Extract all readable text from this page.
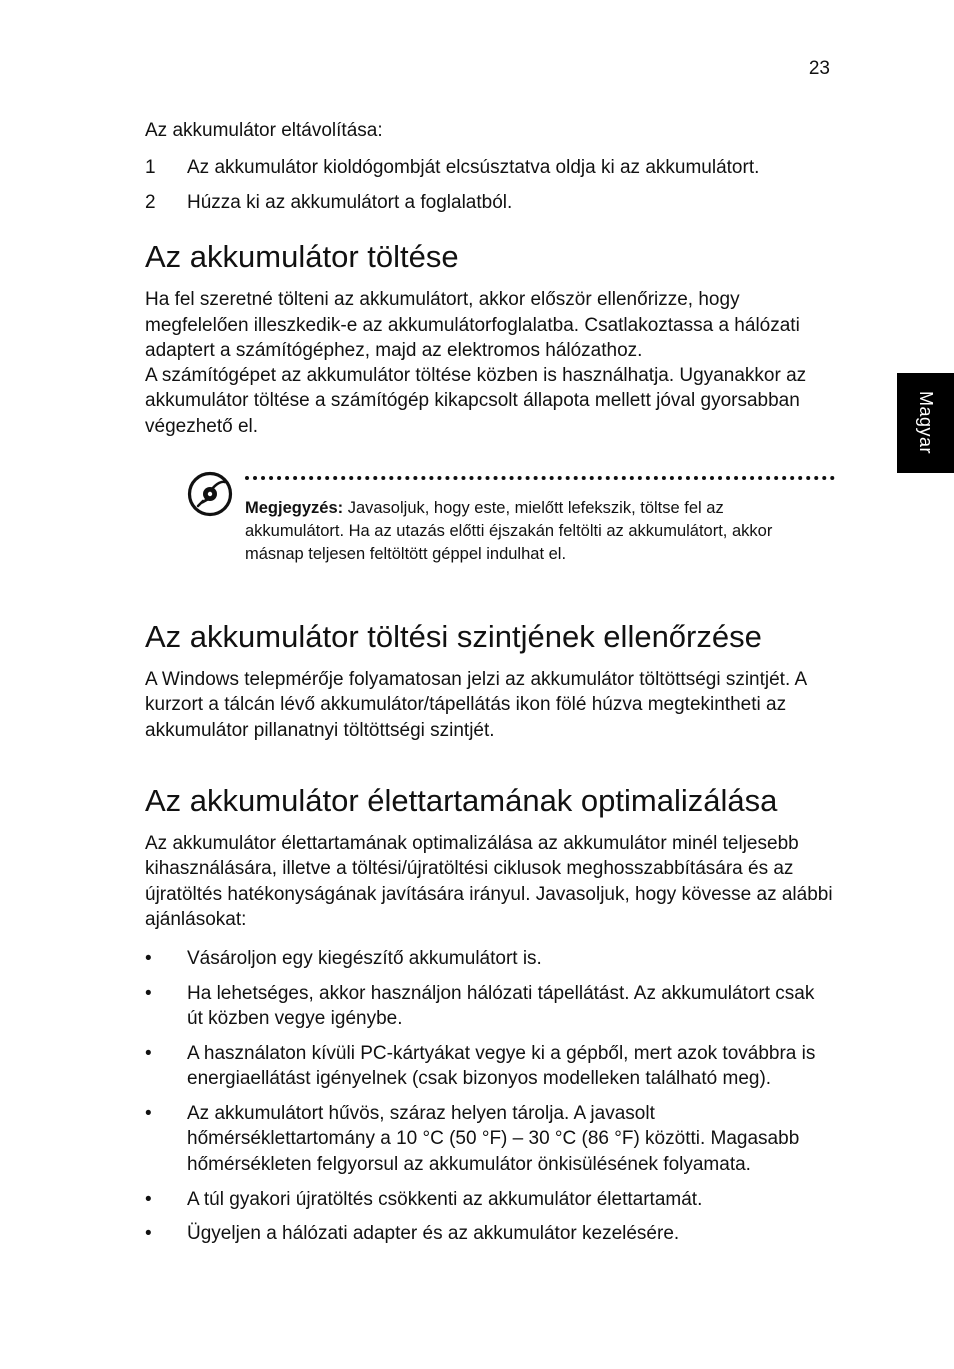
23
Magyar

Az akkumulátor eltávolítása:

1	Az akkumulátor kioldógombját elcsúsztatva oldja ki az akkumulátort.
2	Húzza ki az akkumulátort a foglalatból.
Az akkumulátor töltése

Ha fel szeretné tölteni az akkumulátort, akkor először ellenőrizze, hogy megfelelően illeszkedik-e az akkumulátorfoglalatba. Csatlakoztassa a hálózati adaptert a számítógéphez, majd az elektromos hálózathoz.

A számítógépet az akkumulátor töltése közben is használhatja. Ugyanakkor az akkumulátor töltése a számítógép kikapcsolt állapota mellett jóval gyorsabban végezhető el.

Megjegyzés: Javasoljuk, hogy este, mielőtt lefekszik, töltse fel az akkumulátort. Ha az utazás előtti éjszakán feltölti az akkumulátort, akkor másnap teljesen feltöltött géppel indulhat el.
Az akkumulátor töltési szintjének ellenőrzése

A Windows telepmérője folyamatosan jelzi az akkumulátor töltöttségi szintjét. A kurzort a tálcán lévő akkumulátor/tápellátás ikon fölé húzva megtekintheti az akkumulátor pillanatnyi töltöttségi szintjét.

Az akkumulátor élettartamának optimalizálása

Az akkumulátor élettartamának optimalizálása az akkumulátor minél teljesebb kihasználására, illetve a töltési/újratöltési ciklusok meghosszabbítására és az újratöltés hatékonyságának javítására irányul. Javasoljuk, hogy kövesse az alábbi ajánlásokat:

•	Vásároljon egy kiegészítő akkumulátort is.
•	Ha lehetséges, akkor használjon hálózati tápellátást. Az akkumulátort csak út közben vegye igénybe.
•	A használaton kívüli PC-kártyákat vegye ki a gépből, mert azok továbbra is energiaellátást igényelnek (csak bizonyos modelleken található meg).
•	Az akkumulátort hűvös, száraz helyen tárolja. A javasolt hőmérséklettartomány a 10 °C (50 °F) – 30 °C (86 °F) közötti. Magasabb hőmérsékleten felgyorsul az akkumulátor önkisülésének folyamata.
•	A túl gyakori újratöltés csökkenti az akkumulátor élettartamát.
•	Ügyeljen a hálózati adapter és az akkumulátor kezelésére.
